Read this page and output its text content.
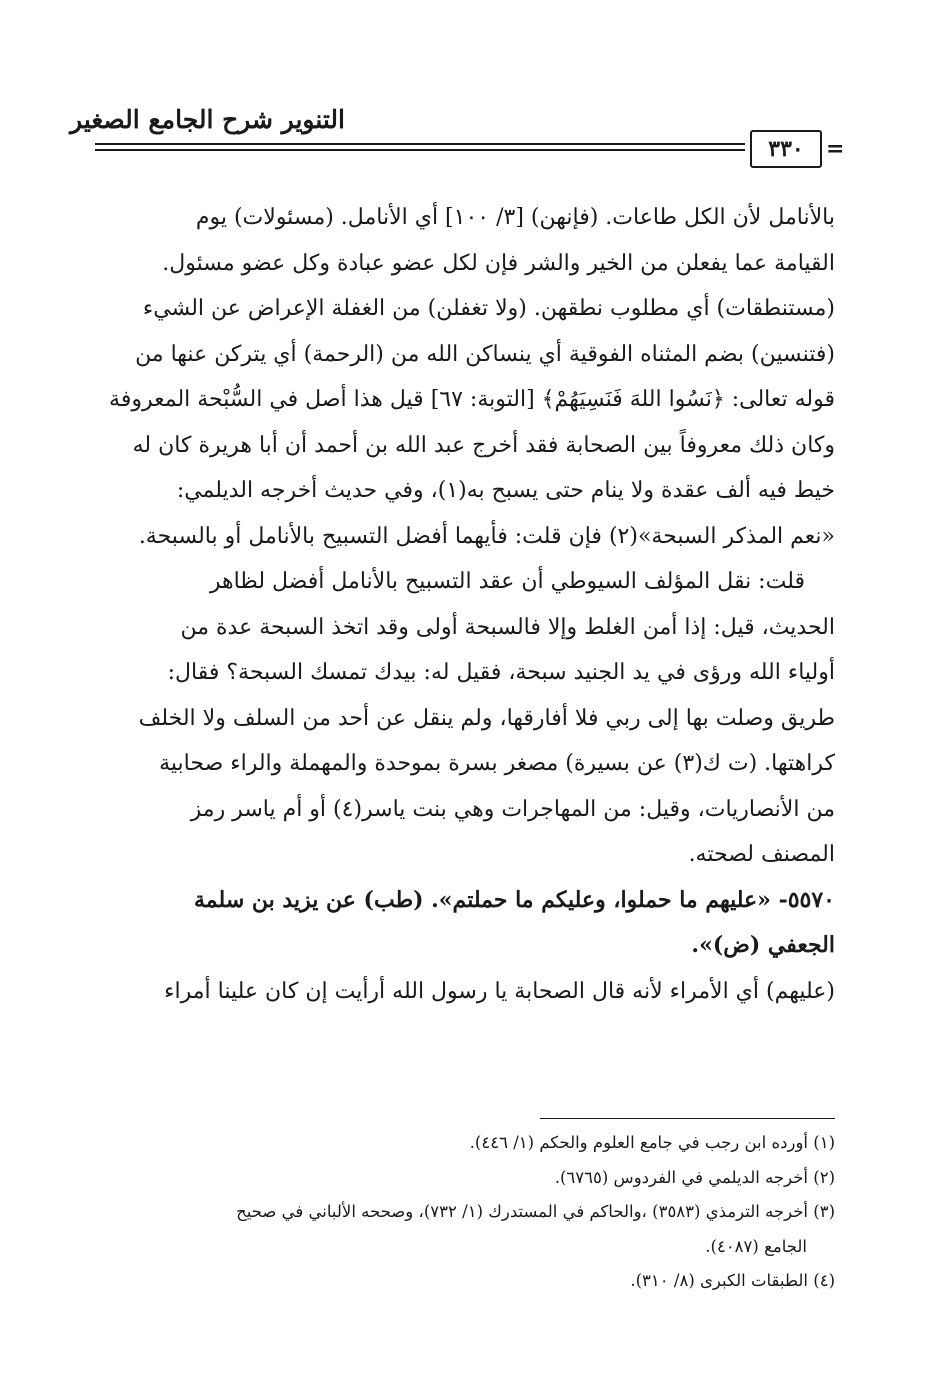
التنوير شرح الجامع الصغير
٣٣٠	=

بالأنامل لأن الكل طاعات. (فإنهن) [٣/ ١٠٠] أي الأنامل. (مسئولات) يوم

القيامة عما يفعلن من الخير والشر فإن لكل عضو عبادة وكل عضو مسئول.

(مستنطقات) أي مطلوب نطقهن. (ولا تغفلن) من الغفلة الإعراض عن الشيء

(فتنسين) بضم المثناه الفوقية أي ينساكن الله من (الرحمة) أي يتركن عنها من

قوله تعالى: ﴿نَسُوا اللهَ فَنَسِيَهُمْ﴾ [التوبة: ٦٧] قيل هذا أصل في السُّبْحة المعروفة

وكان ذلك معروفاً بين الصحابة فقد أخرج عبد الله بن أحمد أن أبا هريرة كان له

خيط فيه ألف عقدة ولا ينام حتى يسبح به(١)، وفي حديث أخرجه الديلمي:

«نعم المذكر السبحة»(٢) فإن قلت: فأيهما أفضل التسبيح بالأنامل أو بالسبحة.

قلت: نقل المؤلف السيوطي أن عقد التسبيح بالأنامل أفضل لظاهر

الحديث، قيل: إذا أمن الغلط وإلا فالسبحة أولى وقد اتخذ السبحة عدة من

أولياء الله ورؤى في يد الجنيد سبحة، فقيل له: بيدك تمسك السبحة؟ فقال:

طريق وصلت بها إلى ربي فلا أفارقها، ولم ينقل عن أحد من السلف ولا الخلف

كراهتها. (ت ك(٣) عن بسيرة) مصغر بسرة بموحدة والمهملة والراء صحابية

من الأنصاريات، وقيل: من المهاجرات وهي بنت ياسر(٤) أو أم ياسر رمز

المصنف لصحته.

٥٥٧٠- «عليهم ما حملوا، وعليكم ما حملتم». (طب) عن يزيد بن سلمة

الجعفي (ض)».

(عليهم) أي الأمراء لأنه قال الصحابة يا رسول الله أرأيت إن كان علينا أمراء

(١) أورده ابن رجب في جامع العلوم والحكم (١/ ٤٤٦).

(٢) أخرجه الديلمي في الفردوس (٦٧٦٥).

(٣) أخرجه الترمذي (٣٥٨٣) ،والحاكم في المستدرك (١/ ٧٣٢)، وصححه الألباني في صحيح

الجامع (٤٠٨٧).

(٤) الطبقات الكبرى (٨/ ٣١٠).
